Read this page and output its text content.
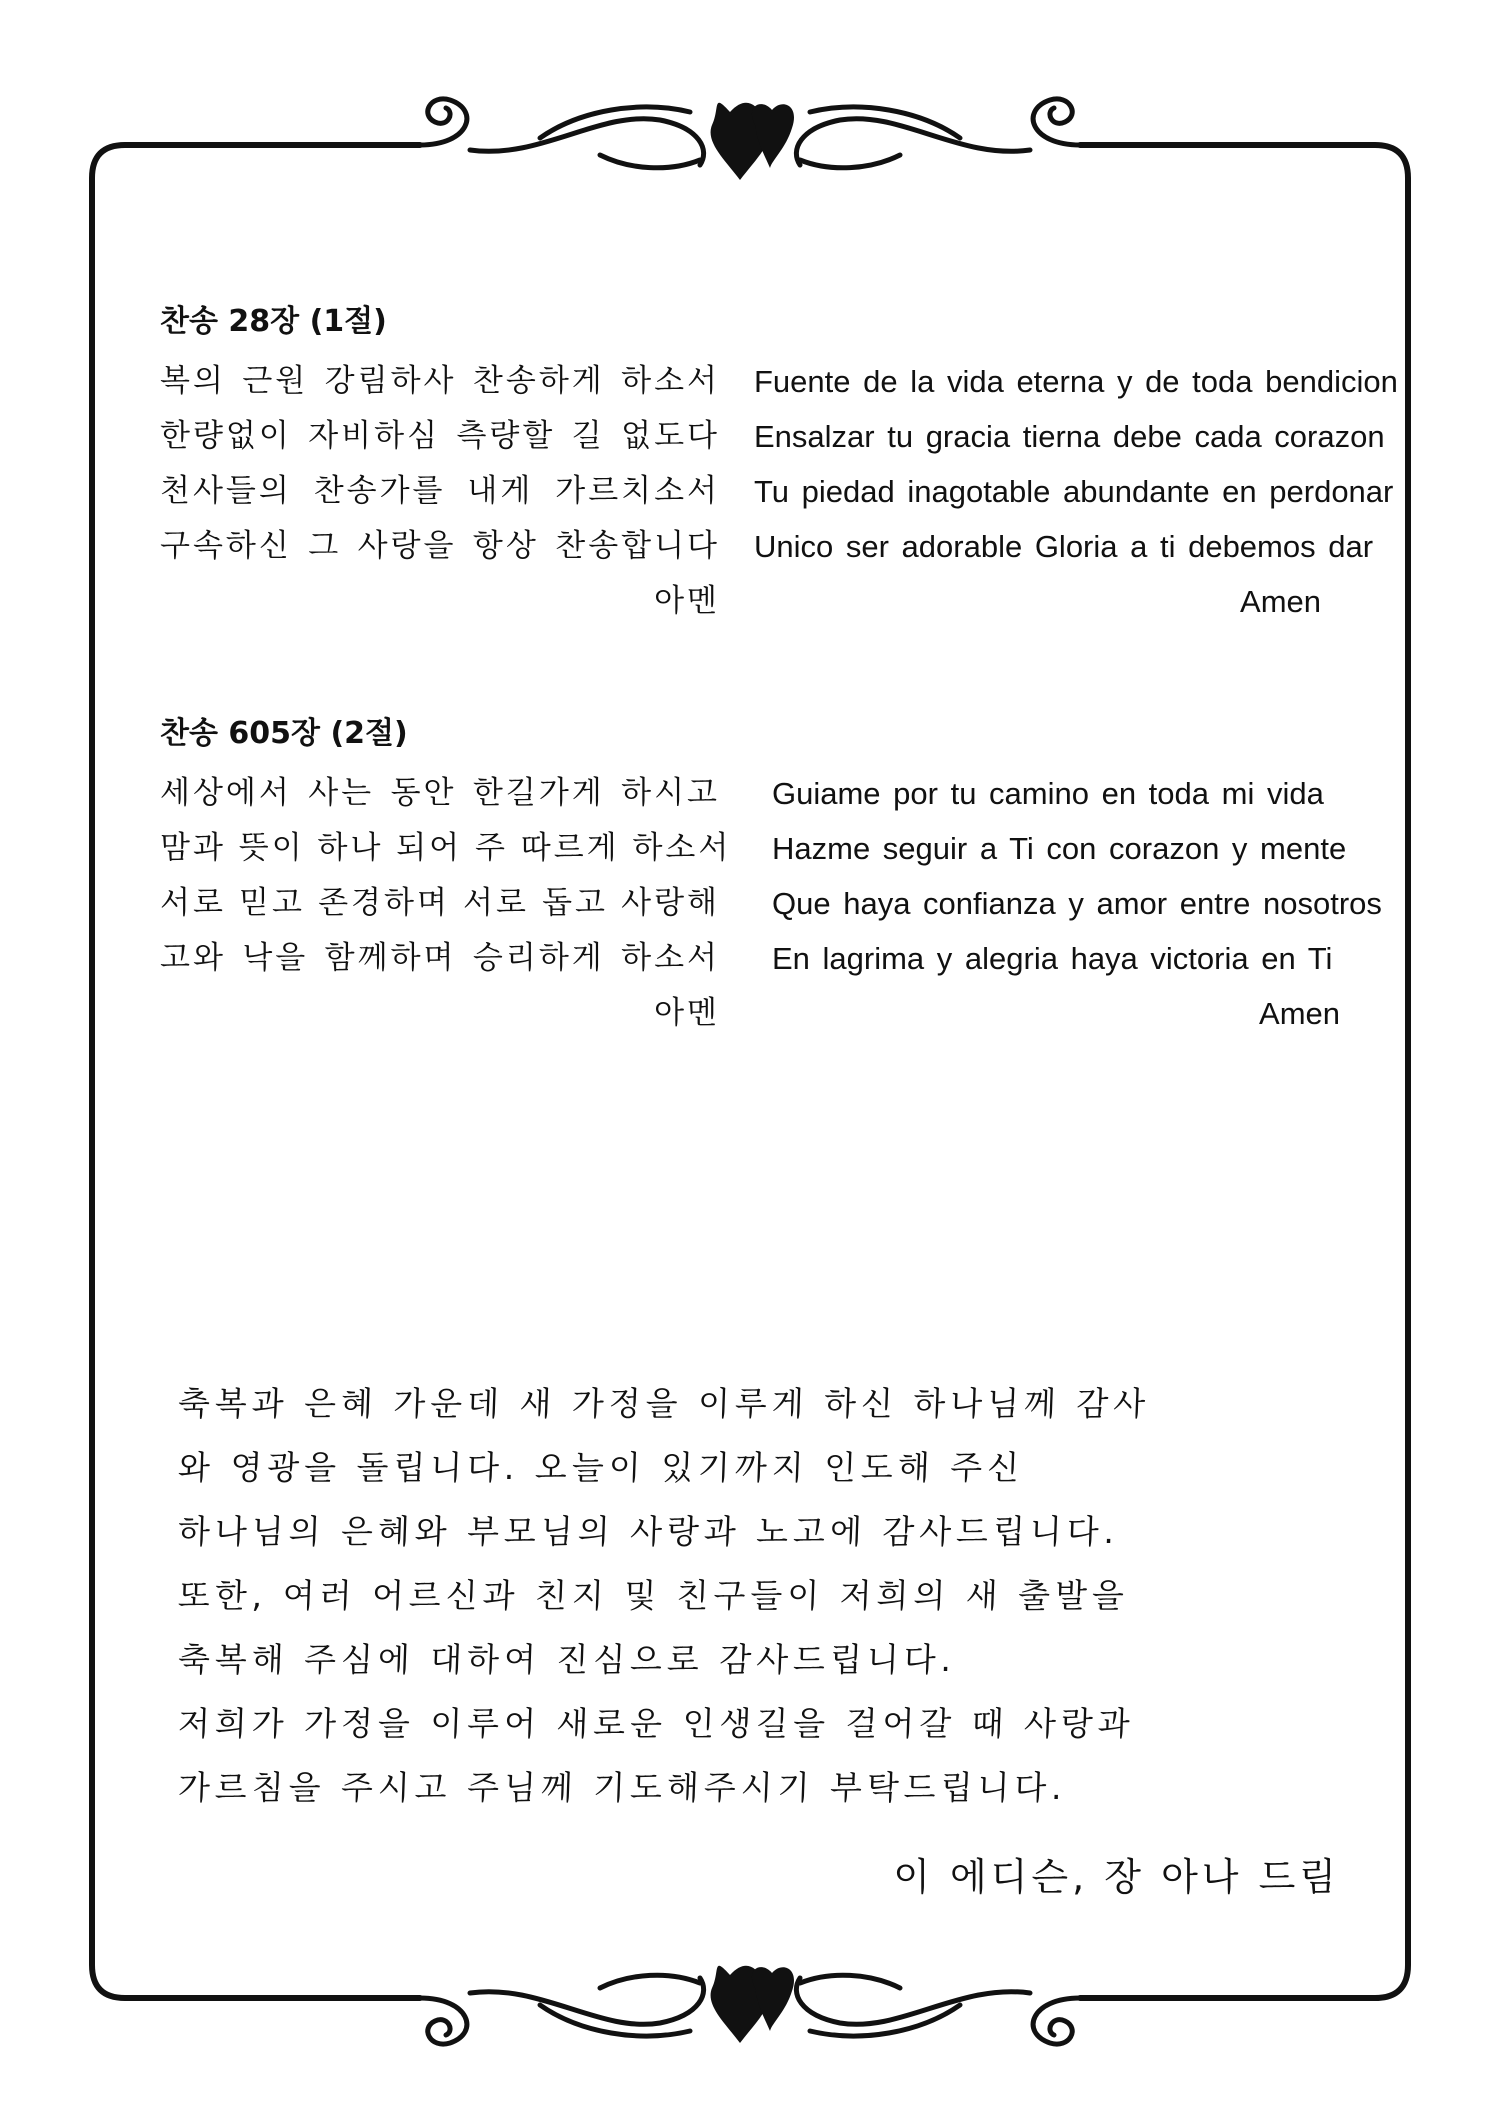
찬송 28장 (1절)
복의 근원 강림하사 찬송하게 하소서
한량없이 자비하심 측량할 길 없도다
천사들의 찬송가를 내게 가르치소서
구속하신 그 사랑을 항상 찬송합니다
아멘
Fuente de la vida eterna y de toda bendicion
Ensalzar tu gracia tierna debe cada corazon
Tu piedad inagotable abundante en perdonar
Unico ser adorable Gloria a ti debemos dar
Amen
찬송 605장 (2절)
세상에서 사는 동안 한길가게 하시고
맘과 뜻이 하나 되어 주 따르게 하소서
서로 믿고 존경하며 서로 돕고 사랑해
고와 낙을 함께하며 승리하게 하소서
아멘
Guiame por tu camino en toda mi vida
Hazme seguir a Ti con corazon y mente
Que haya confianza y amor entre nosotros
En lagrima y alegria haya victoria en Ti
Amen
축복과 은혜 가운데 새 가정을 이루게 하신 하나님께 감사
와 영광을 돌립니다. 오늘이 있기까지 인도해 주신
하나님의 은혜와 부모님의 사랑과 노고에 감사드립니다.
또한, 여러 어르신과 친지 및 친구들이 저희의 새 출발을
축복해 주심에 대하여 진심으로 감사드립니다.
저희가 가정을 이루어 새로운 인생길을 걸어갈 때 사랑과
가르침을 주시고 주님께 기도해주시기 부탁드립니다.
이 에디슨, 장 아나 드림
